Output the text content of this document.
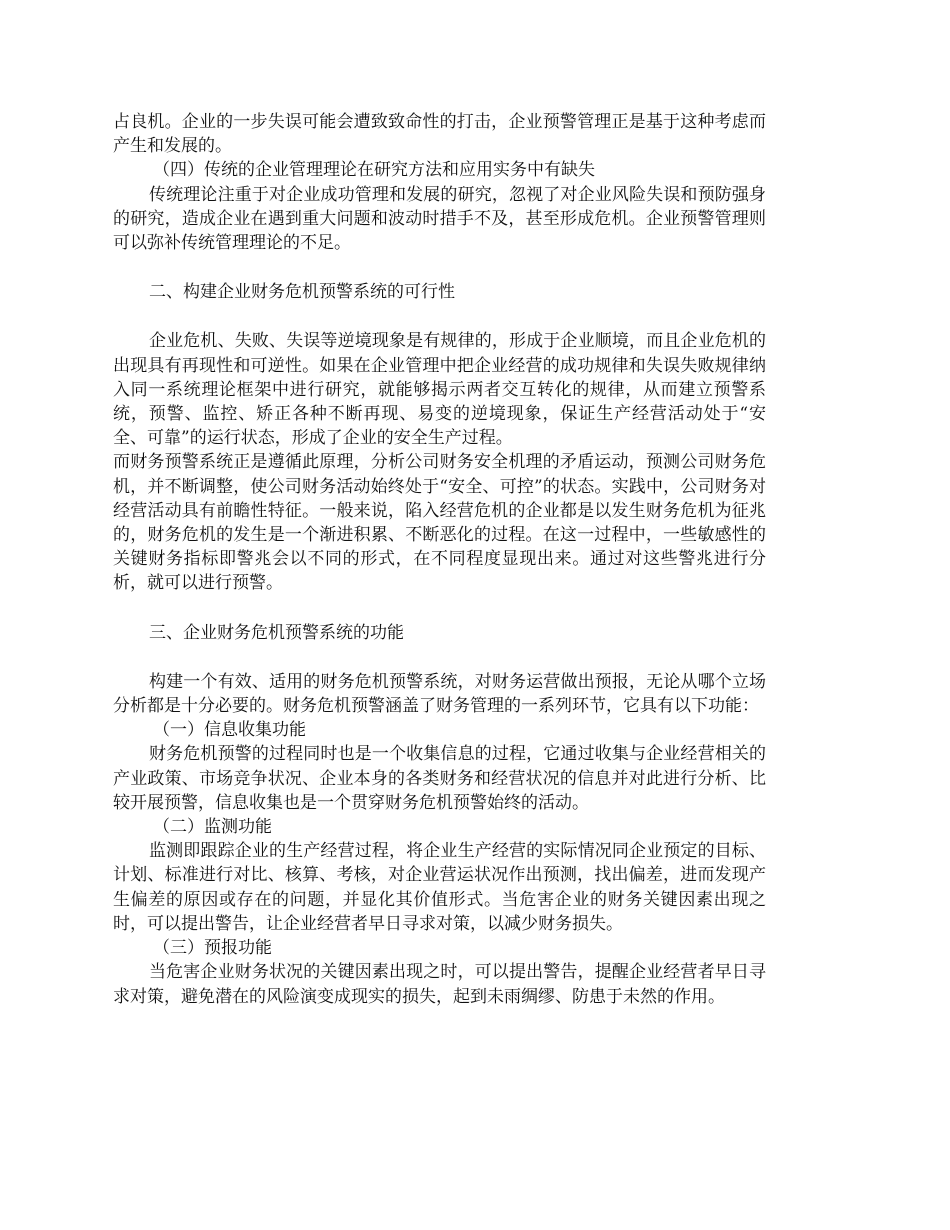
占良机。企业的一步失误可能会遭致致命性的打击，企业预警管理正是基于这种考虑而产生和发展的。

（四）传统的企业管理理论在研究方法和应用实务中有缺失

传统理论注重于对企业成功管理和发展的研究，忽视了对企业风险失误和预防强身的研究，造成企业在遇到重大问题和波动时措手不及，甚至形成危机。企业预警管理则可以弥补传统管理理论的不足。

二、构建企业财务危机预警系统的可行性

企业危机、失败、失误等逆境现象是有规律的，形成于企业顺境，而且企业危机的出现具有再现性和可逆性。如果在企业管理中把企业经营的成功规律和失误失败规律纳入同一系统理论框架中进行研究，就能够揭示两者交互转化的规律，从而建立预警系统，预警、监控、矫正各种不断再现、易变的逆境现象，保证生产经营活动处于“安全、可靠”的运行状态，形成了企业的安全生产过程。

而财务预警系统正是遵循此原理，分析公司财务安全机理的矛盾运动，预测公司财务危机，并不断调整，使公司财务活动始终处于“安全、可控”的状态。实践中，公司财务对经营活动具有前瞻性特征。一般来说，陷入经营危机的企业都是以发生财务危机为征兆的，财务危机的发生是一个渐进积累、不断恶化的过程。在这一过程中，一些敏感性的关键财务指标即警兆会以不同的形式，在不同程度显现出来。通过对这些警兆进行分析，就可以进行预警。

三、企业财务危机预警系统的功能

构建一个有效、适用的财务危机预警系统，对财务运营做出预报，无论从哪个立场分析都是十分必要的。财务危机预警涵盖了财务管理的一系列环节，它具有以下功能：

（一）信息收集功能

财务危机预警的过程同时也是一个收集信息的过程，它通过收集与企业经营相关的产业政策、市场竞争状况、企业本身的各类财务和经营状况的信息并对此进行分析、比较开展预警，信息收集也是一个贯穿财务危机预警始终的活动。

（二）监测功能

监测即跟踪企业的生产经营过程，将企业生产经营的实际情况同企业预定的目标、计划、标准进行对比、核算、考核，对企业营运状况作出预测，找出偏差，进而发现产生偏差的原因或存在的问题，并显化其价值形式。当危害企业的财务关键因素出现之时，可以提出警告，让企业经营者早日寻求对策，以减少财务损失。

（三）预报功能

当危害企业财务状况的关键因素出现之时，可以提出警告，提醒企业经营者早日寻求对策，避免潜在的风险演变成现实的损失，起到未雨绸缪、防患于未然的作用。
